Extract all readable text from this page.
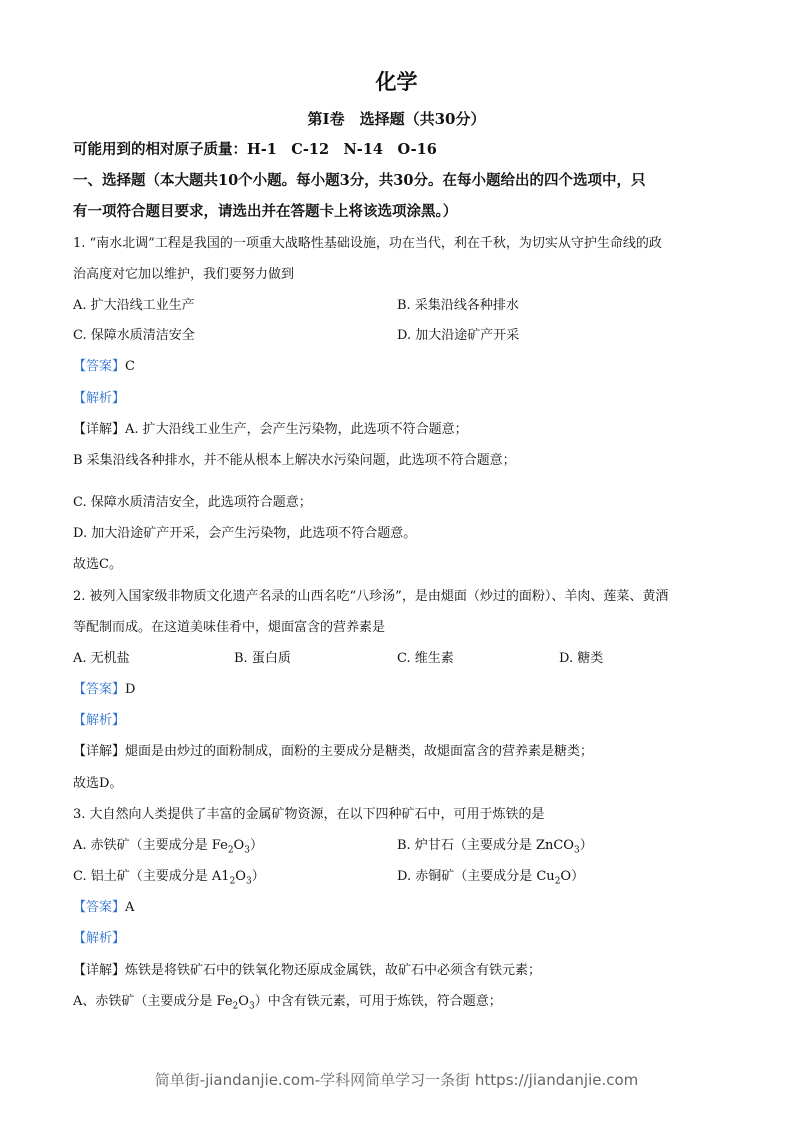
化学
第I卷　选择题（共30分）
可能用到的相对原子质量：H-1　C-12　N-14　O-16
一、选择题（本大题共10个小题。每小题3分，共30分。在每小题给出的四个选项中，只
有一项符合题目要求，请选出并在答题卡上将该选项涂黑。）
1. “南水北调”工程是我国的一项重大战略性基础设施，功在当代，利在千秋，为切实从守护生命线的政
治高度对它加以维护，我们要努力做到
A. 扩大沿线工业生产	B. 采集沿线各种排水
C. 保障水质清洁安全	D. 加大沿途矿产开采
【答案】C
【解析】
【详解】A. 扩大沿线工业生产，会产生污染物，此选项不符合题意；
B 采集沿线各种排水，并不能从根本上解决水污染问题，此选项不符合题意；
C. 保障水质清洁安全，此选项符合题意；
D. 加大沿途矿产开采，会产生污染物，此选项不符合题意。
故选C。
2. 被列入国家级非物质文化遗产名录的山西名吃“八珍汤”，是由煺面（炒过的面粉）、羊肉、莲菜、黄酒
等配制而成。在这道美味佳肴中，煺面富含的营养素是
A. 无机盐	B. 蛋白质	C. 维生素	D. 糖类
【答案】D
【解析】
【详解】煺面是由炒过的面粉制成，面粉的主要成分是糖类，故煺面富含的营养素是糖类；
故选D。
3. 大自然向人类提供了丰富的金属矿物资源，在以下四种矿石中，可用于炼铁的是
A. 赤铁矿（主要成分是 $Fe_2O_3$）	B. 炉甘石（主要成分是 ZnCO$_3$）
C. 铝土矿（主要成分是 $A1_2O_3$）	D. 赤铜矿（主要成分是 $Cu_2O$）
【答案】A
【解析】
【详解】炼铁是将铁矿石中的铁氧化物还原成金属铁，故矿石中必须含有铁元素；
A、赤铁矿（主要成分是 $Fe_2O_3$）中含有铁元素，可用于炼铁，符合题意；
简单街-jiandanjie.com-学科网简单学习一条街 https://jiandanjie.com
